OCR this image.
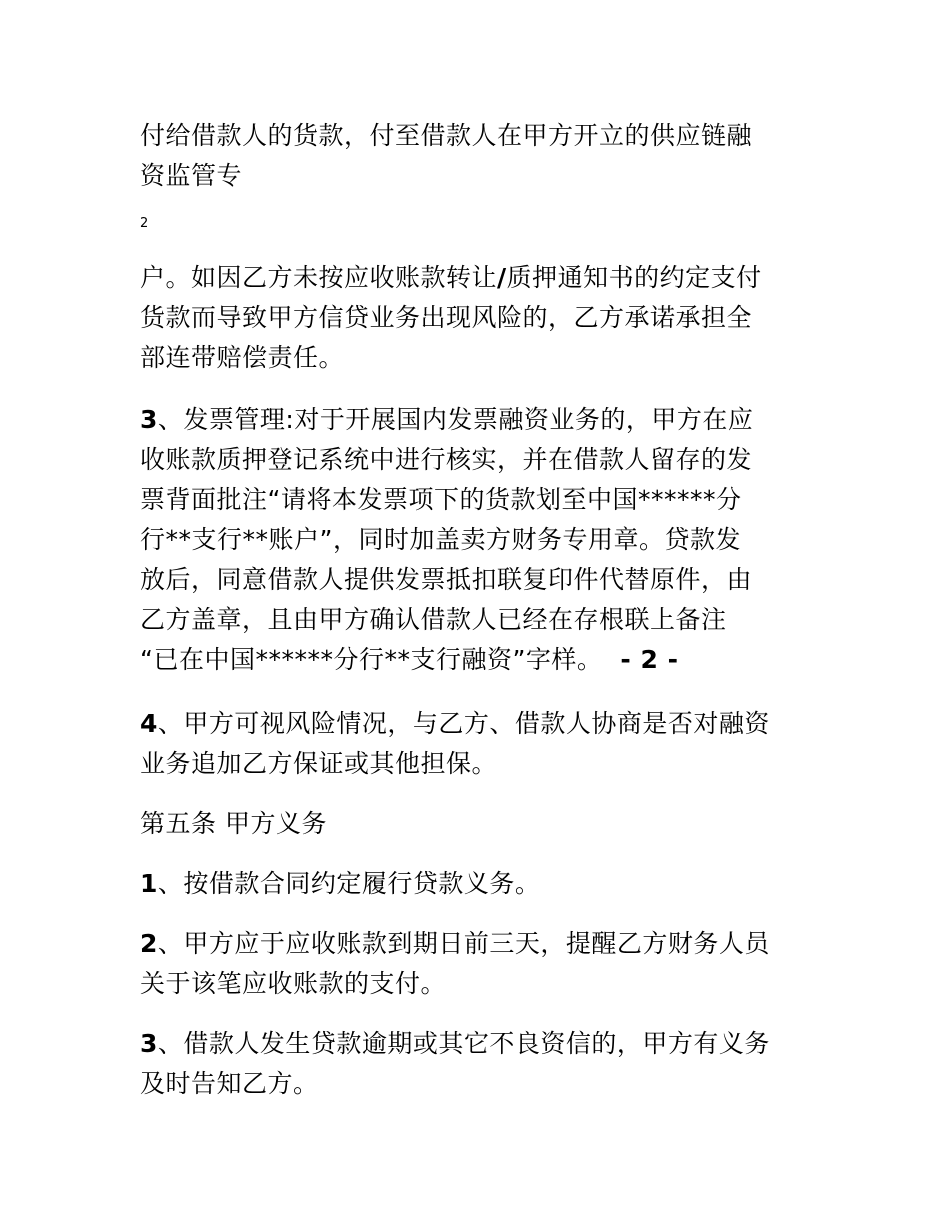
付给借款人的货款，付至借款人在甲方开立的供应链融
资监管专

2

户。如因乙方未按应收账款转让/质押通知书的约定支付
货款而导致甲方信贷业务出现风险的，乙方承诺承担全
部连带赔偿责任。

3、发票管理:对于开展国内发票融资业务的，甲方在应
收账款质押登记系统中进行核实，并在借款人留存的发
票背面批注“请将本发票项下的货款划至中国******分
行**支行**账户”，同时加盖卖方财务专用章。贷款发
放后，同意借款人提供发票抵扣联复印件代替原件，由
乙方盖章，且由甲方确认借款人已经在存根联上备注
“已在中国******分行**支行融资”字样。 - 2 -

4、甲方可视风险情况，与乙方、借款人协商是否对融资
业务追加乙方保证或其他担保。

第五条 甲方义务

1、按借款合同约定履行贷款义务。

2、甲方应于应收账款到期日前三天，提醒乙方财务人员
关于该笔应收账款的支付。

3、借款人发生贷款逾期或其它不良资信的，甲方有义务
及时告知乙方。
